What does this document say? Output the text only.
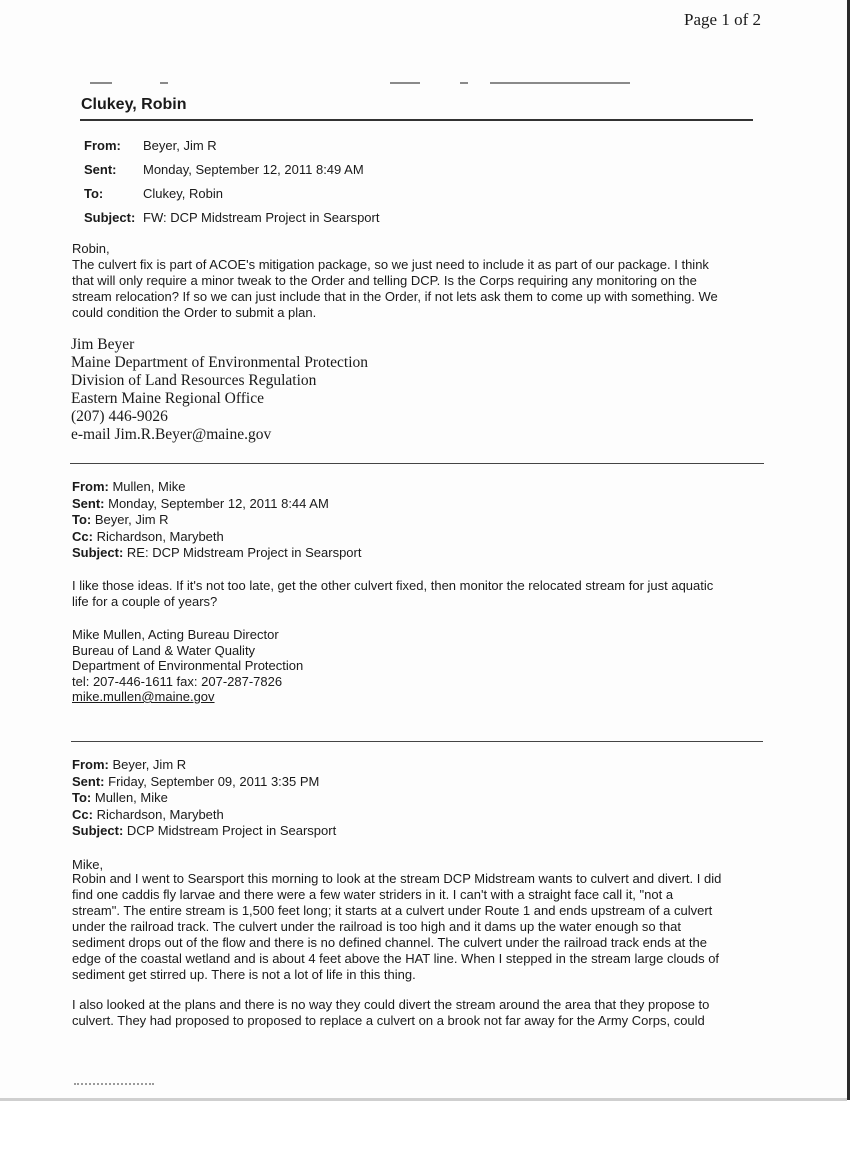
Page 1 of 2
Clukey, Robin
From:	Beyer, Jim R
Sent:	Monday, September 12, 2011 8:49 AM
To:	Clukey, Robin
Subject:	FW: DCP Midstream Project in Searsport

Robin,

The culvert fix is part of ACOE's mitigation package, so we just need to include it as part of our package. I think

that will only require a minor tweak to the Order and telling DCP. Is the Corps requiring any monitoring on the

stream relocation? If so we can just include that in the Order, if not lets ask them to come up with something. We

could condition the Order to submit a plan.

Jim Beyer
Maine Department of Environmental Protection
Division of Land Resources Regulation
Eastern Maine Regional Office
(207) 446-9026
e-mail Jim.R.Beyer@maine.gov
From: Mullen, Mike
Sent: Monday, September 12, 2011 8:44 AM
To: Beyer, Jim R
Cc: Richardson, Marybeth
Subject: RE: DCP Midstream Project in Searsport

I like those ideas. If it's not too late, get the other culvert fixed, then monitor the relocated stream for just aquatic

life for a couple of years?

Mike Mullen, Acting Bureau Director

Bureau of Land & Water Quality

Department of Environmental Protection

tel: 207-446-1611 fax: 207-287-7826

mike.mullen@maine.gov

From: Beyer, Jim R
Sent: Friday, September 09, 2011 3:35 PM
To: Mullen, Mike
Cc: Richardson, Marybeth
Subject: DCP Midstream Project in Searsport

Mike,

Robin and I went to Searsport this morning to look at the stream DCP Midstream wants to culvert and divert. I did

find one caddis fly larvae and there were a few water striders in it. I can't with a straight face call it, "not a

stream". The entire stream is 1,500 feet long; it starts at a culvert under Route 1 and ends upstream of a culvert

under the railroad track. The culvert under the railroad is too high and it dams up the water enough so that

sediment drops out of the flow and there is no defined channel. The culvert under the railroad track ends at the

edge of the coastal wetland and is about 4 feet above the HAT line. When I stepped in the stream large clouds of

sediment get stirred up. There is not a lot of life in this thing.

I also looked at the plans and there is no way they could divert the stream around the area that they propose to

culvert. They had proposed to proposed to replace a culvert on a brook not far away for the Army Corps, could
